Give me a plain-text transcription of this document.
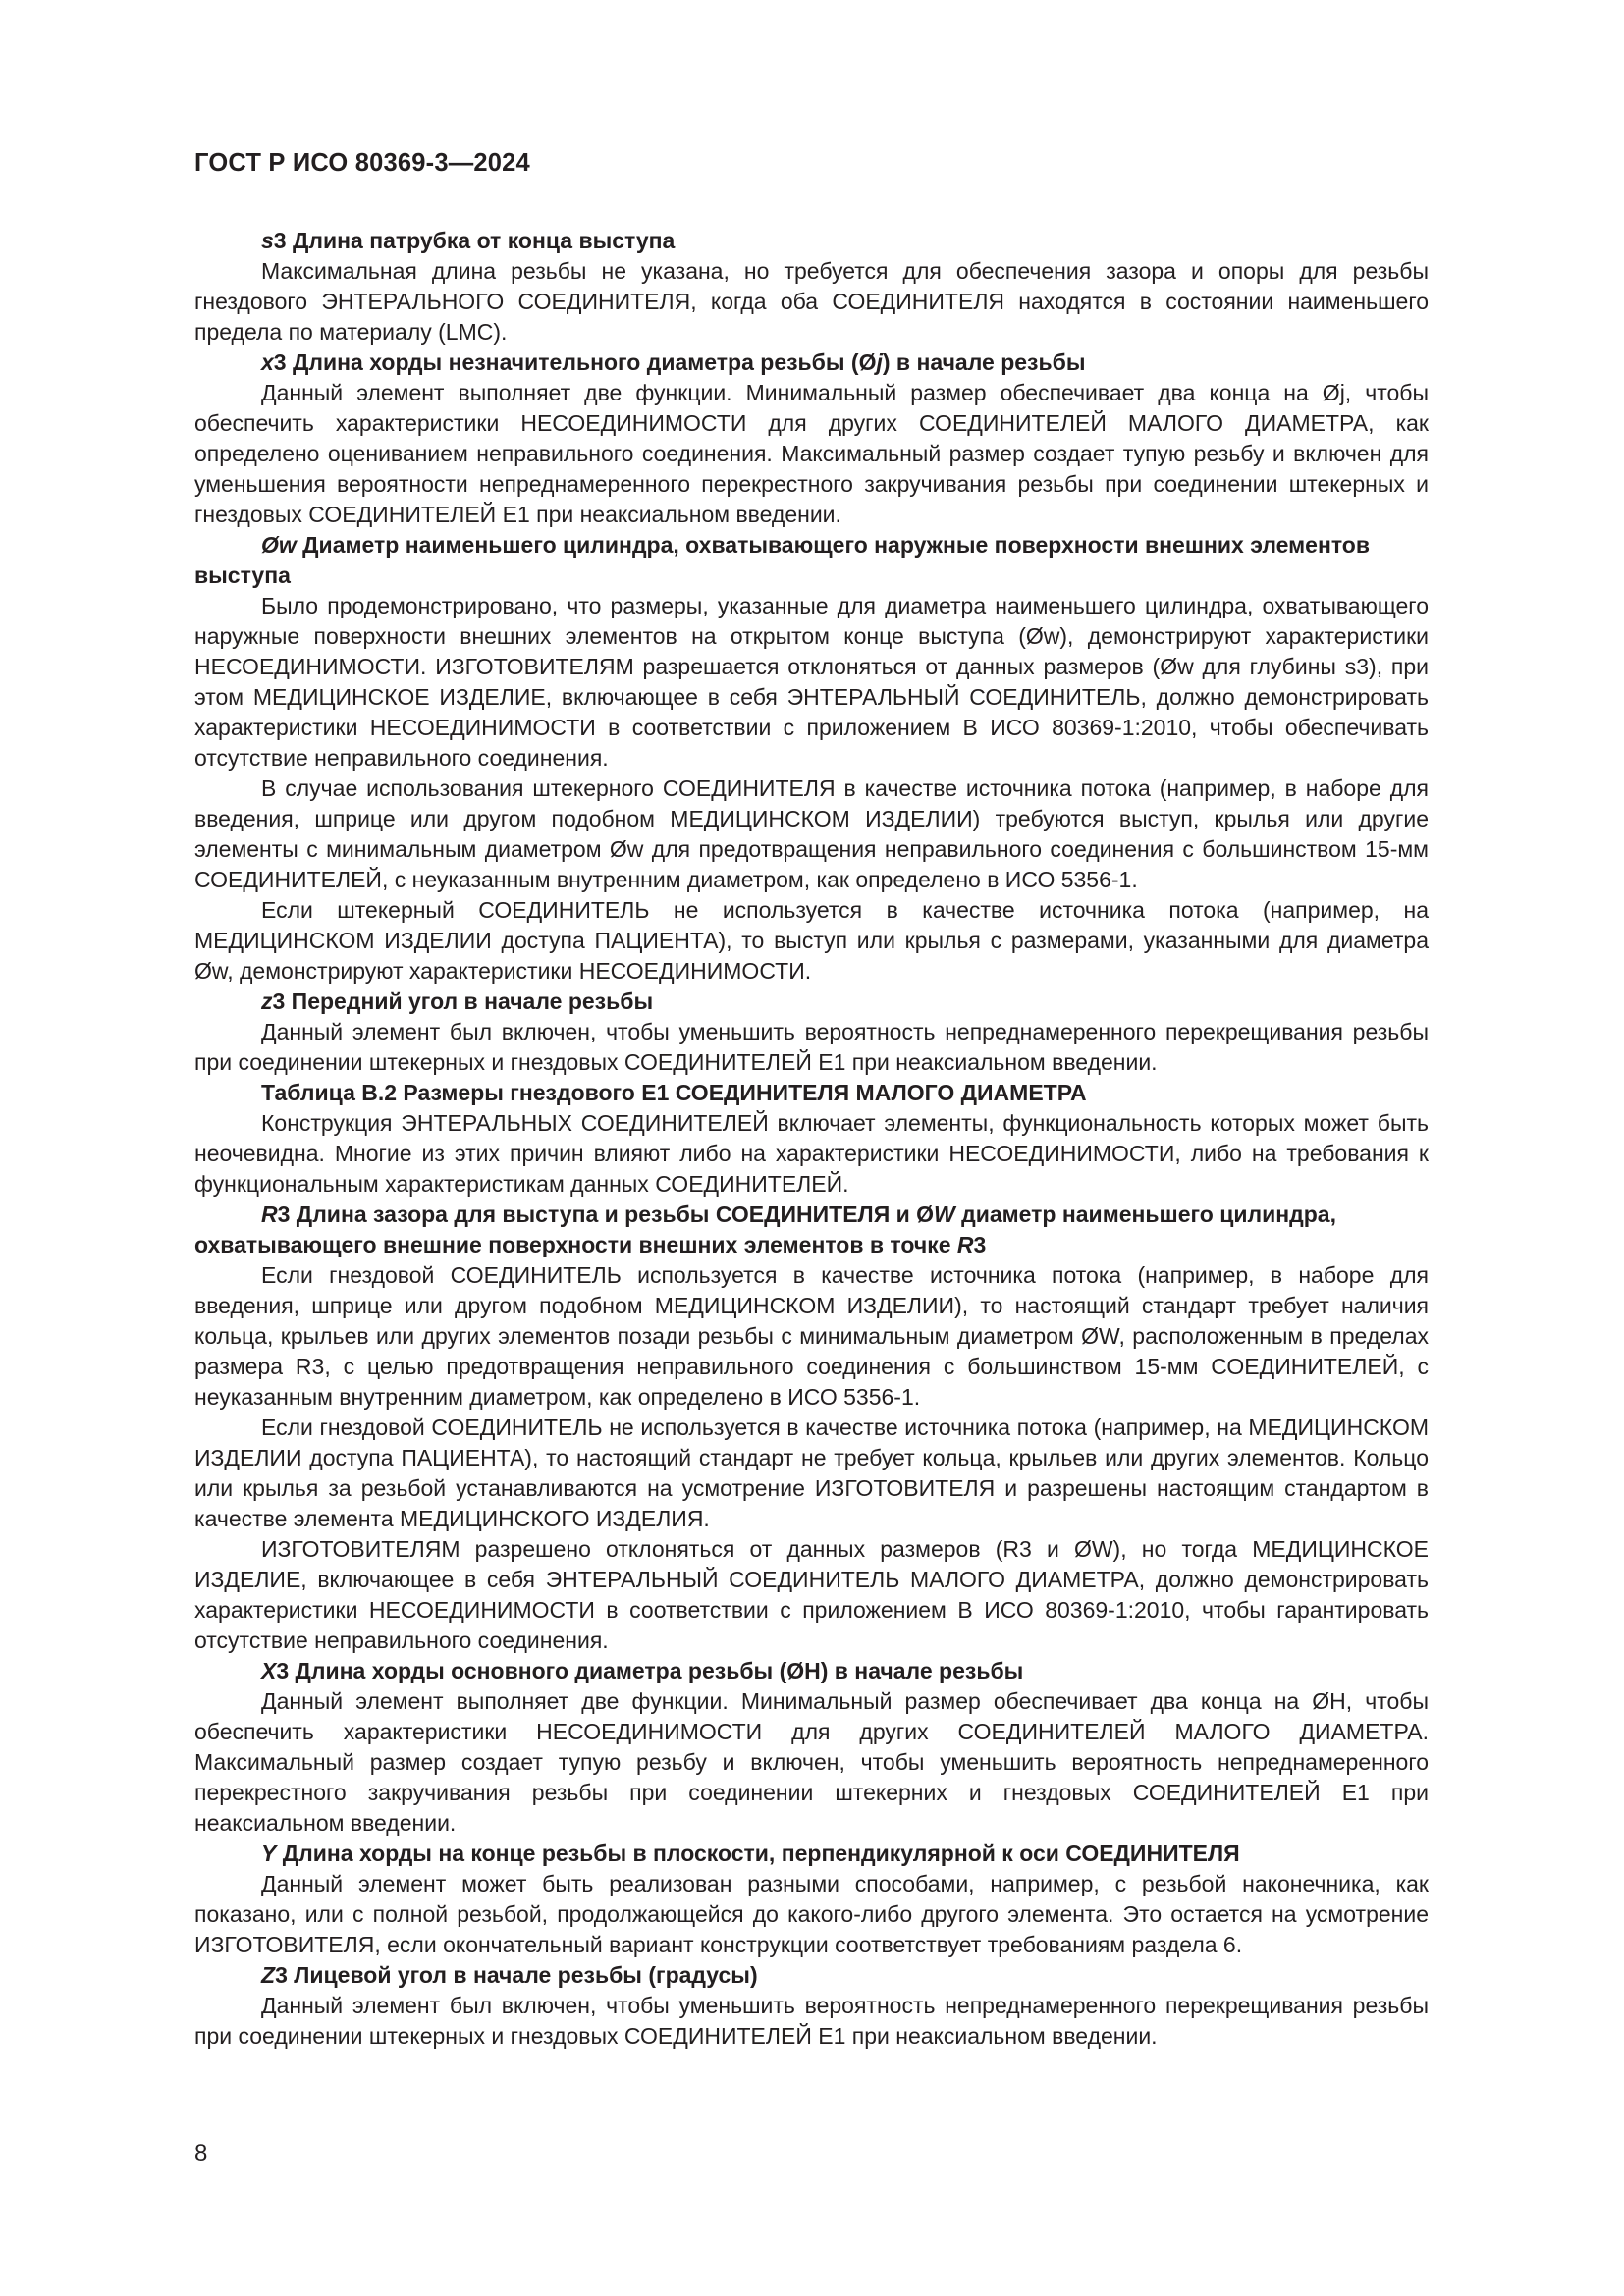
ГОСТ Р ИСО 80369-3—2024

s3 Длина патрубка от конца выступа

Максимальная длина резьбы не указана, но требуется для обеспечения зазора и опоры для резьбы гнездового ЭНТЕРАЛЬНОГО СОЕДИНИТЕЛЯ, когда оба СОЕДИНИТЕЛЯ находятся в состоянии наименьшего предела по материалу (LMC).

x3 Длина хорды незначительного диаметра резьбы (Øj) в начале резьбы

Данный элемент выполняет две функции. Минимальный размер обеспечивает два конца на Øj, чтобы обеспечить характеристики НЕСОЕДИНИМОСТИ для других СОЕДИНИТЕЛЕЙ МАЛОГО ДИАМЕТРА, как определено оцениванием неправильного соединения. Максимальный размер создает тупую резьбу и включен для уменьшения вероятности непреднамеренного перекрестного закручивания резьбы при соединении штекерных и гнездовых СОЕДИНИТЕЛЕЙ Е1 при неаксиальном введении.

Øw Диаметр наименьшего цилиндра, охватывающего наружные поверхности внешних элементов выступа

Было продемонстрировано, что размеры, указанные для диаметра наименьшего цилиндра, охватывающего наружные поверхности внешних элементов на открытом конце выступа (Øw), демонстрируют характеристики НЕСОЕДИНИМОСТИ. ИЗГОТОВИТЕЛЯМ разрешается отклоняться от данных размеров (Øw для глубины s3), при этом МЕДИЦИНСКОЕ ИЗДЕЛИЕ, включающее в себя ЭНТЕРАЛЬНЫЙ СОЕДИНИТЕЛЬ, должно демонстрировать характеристики НЕСОЕДИНИМОСТИ в соответствии с приложением В ИСО 80369-1:2010, чтобы обеспечивать отсутствие неправильного соединения.

В случае использования штекерного СОЕДИНИТЕЛЯ в качестве источника потока (например, в наборе для введения, шприце или другом подобном МЕДИЦИНСКОМ ИЗДЕЛИИ) требуются выступ, крылья или другие элементы с минимальным диаметром Øw для предотвращения неправильного соединения с большинством 15-мм СОЕДИНИТЕЛЕЙ, с неуказанным внутренним диаметром, как определено в ИСО 5356-1.

Если штекерный СОЕДИНИТЕЛЬ не используется в качестве источника потока (например, на МЕДИЦИНСКОМ ИЗДЕЛИИ доступа ПАЦИЕНТА), то выступ или крылья с размерами, указанными для диаметра Øw, демонстрируют характеристики НЕСОЕДИНИМОСТИ.

z3 Передний угол в начале резьбы

Данный элемент был включен, чтобы уменьшить вероятность непреднамеренного перекрещивания резьбы при соединении штекерных и гнездовых СОЕДИНИТЕЛЕЙ Е1 при неаксиальном введении.

Таблица В.2 Размеры гнездового Е1 СОЕДИНИТЕЛЯ МАЛОГО ДИАМЕТРА

Конструкция ЭНТЕРАЛЬНЫХ СОЕДИНИТЕЛЕЙ включает элементы, функциональность которых может быть неочевидна. Многие из этих причин влияют либо на характеристики НЕСОЕДИНИМОСТИ, либо на требования к функциональным характеристикам данных СОЕДИНИТЕЛЕЙ.

R3 Длина зазора для выступа и резьбы СОЕДИНИТЕЛЯ и ØW диаметр наименьшего цилиндра, охватывающего внешние поверхности внешних элементов в точке R3

Если гнездовой СОЕДИНИТЕЛЬ используется в качестве источника потока (например, в наборе для введения, шприце или другом подобном МЕДИЦИНСКОМ ИЗДЕЛИИ), то настоящий стандарт требует наличия кольца, крыльев или других элементов позади резьбы с минимальным диаметром ØW, расположенным в пределах размера R3, с целью предотвращения неправильного соединения с большинством 15-мм СОЕДИНИТЕЛЕЙ, с неуказанным внутренним диаметром, как определено в ИСО 5356-1.

Если гнездовой СОЕДИНИТЕЛЬ не используется в качестве источника потока (например, на МЕДИЦИНСКОМ ИЗДЕЛИИ доступа ПАЦИЕНТА), то настоящий стандарт не требует кольца, крыльев или других элементов. Кольцо или крылья за резьбой устанавливаются на усмотрение ИЗГОТОВИТЕЛЯ и разрешены настоящим стандартом в качестве элемента МЕДИЦИНСКОГО ИЗДЕЛИЯ.

ИЗГОТОВИТЕЛЯМ разрешено отклоняться от данных размеров (R3 и ØW), но тогда МЕДИЦИНСКОЕ ИЗДЕЛИЕ, включающее в себя ЭНТЕРАЛЬНЫЙ СОЕДИНИТЕЛЬ МАЛОГО ДИАМЕТРА, должно демонстрировать характеристики НЕСОЕДИНИМОСТИ в соответствии с приложением В ИСО 80369-1:2010, чтобы гарантировать отсутствие неправильного соединения.

X3 Длина хорды основного диаметра резьбы (ØН) в начале резьбы

Данный элемент выполняет две функции. Минимальный размер обеспечивает два конца на ØH, чтобы обеспечить характеристики НЕСОЕДИНИМОСТИ для других СОЕДИНИТЕЛЕЙ МАЛОГО ДИАМЕТРА. Максимальный размер создает тупую резьбу и включен, чтобы уменьшить вероятность непреднамеренного перекрестного закручивания резьбы при соединении штекерних и гнездовых СОЕДИНИТЕЛЕЙ Е1 при неаксиальном введении.

Y Длина хорды на конце резьбы в плоскости, перпендикулярной к оси СОЕДИНИТЕЛЯ

Данный элемент может быть реализован разными способами, например, с резьбой наконечника, как показано, или с полной резьбой, продолжающейся до какого-либо другого элемента. Это остается на усмотрение ИЗГОТОВИТЕЛЯ, если окончательный вариант конструкции соответствует требованиям раздела 6.

Z3 Лицевой угол в начале резьбы (градусы)

Данный элемент был включен, чтобы уменьшить вероятность непреднамеренного перекрещивания резьбы при соединении штекерных и гнездовых СОЕДИНИТЕЛЕЙ Е1 при неаксиальном введении.

8
